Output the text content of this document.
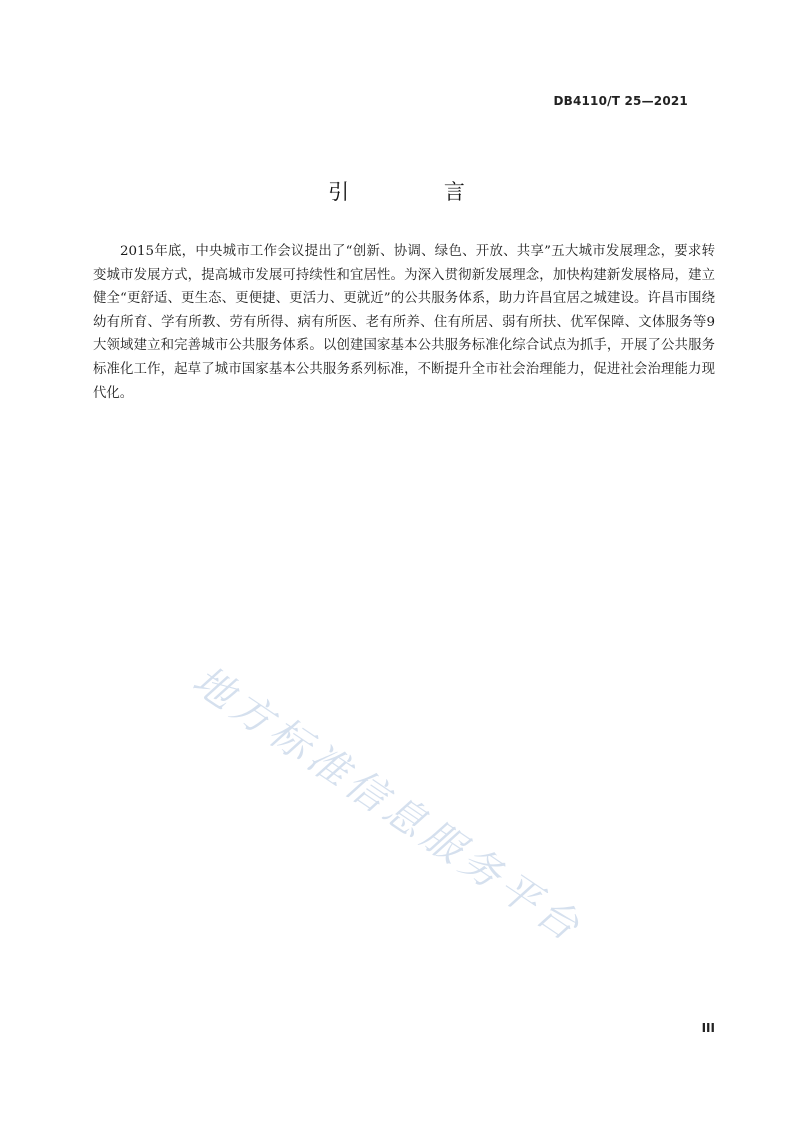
DB4110/T 25—2021
引 言

2015年底，中央城市工作会议提出了“创新、协调、绿色、开放、共享”五大城市发展理念，要求转变城市发展方式，提高城市发展可持续性和宜居性。为深入贯彻新发展理念，加快构建新发展格局，建立健全“更舒适、更生态、更便捷、更活力、更就近”的公共服务体系，助力许昌宜居之城建设。许昌市围绕幼有所育、学有所教、劳有所得、病有所医、老有所养、住有所居、弱有所扶、优军保障、文体服务等9大领域建立和完善城市公共服务体系。以创建国家基本公共服务标准化综合试点为抓手，开展了公共服务标准化工作，起草了城市国家基本公共服务系列标准，不断提升全市社会治理能力，促进社会治理能力现代化。

地方标准信息服务平台
III
